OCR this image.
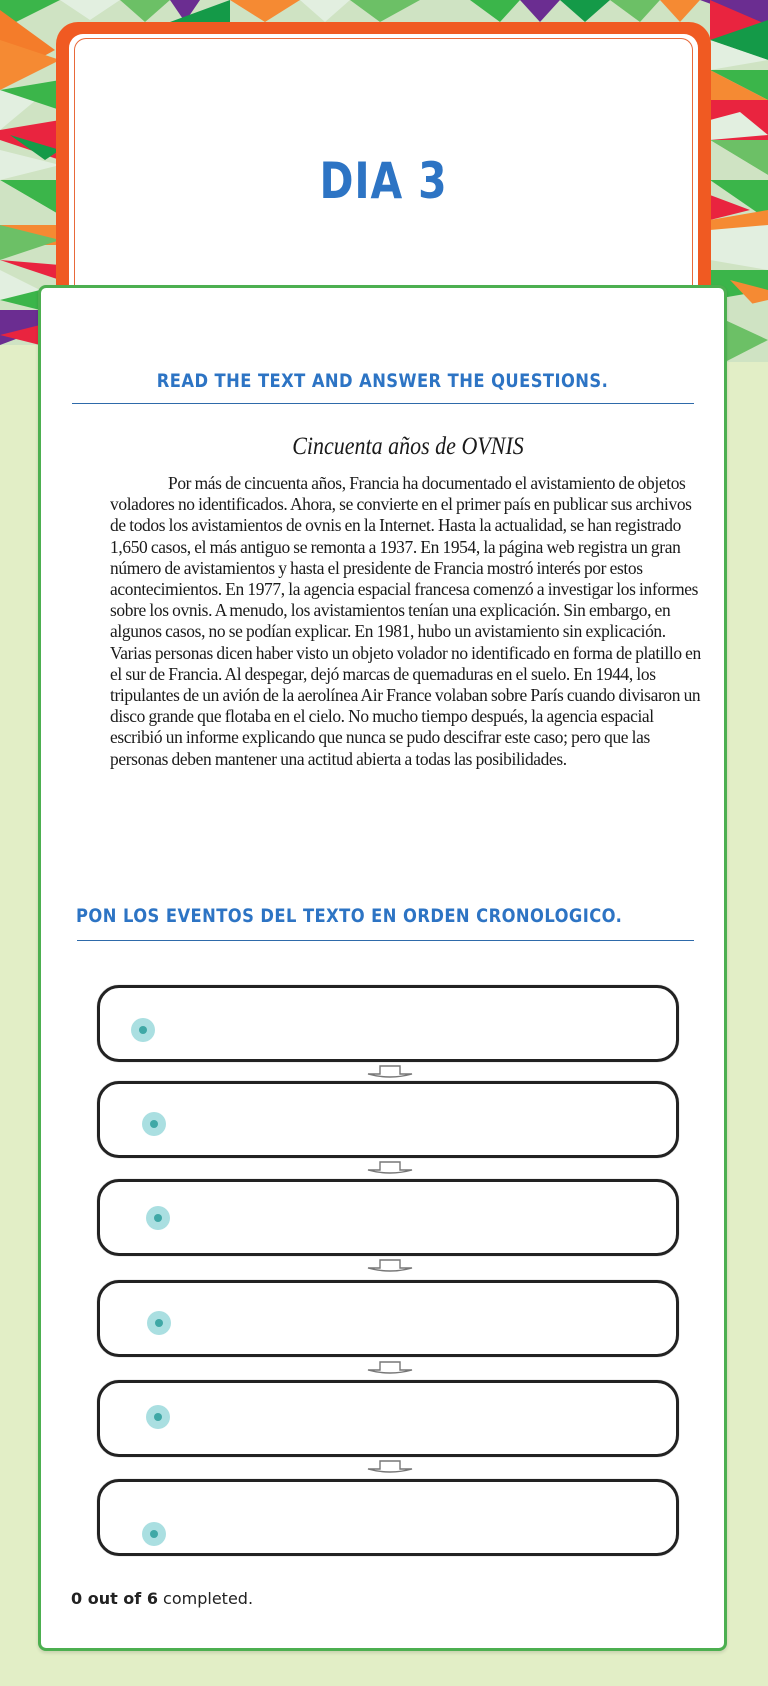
DIA 3
READ THE TEXT AND ANSWER THE QUESTIONS.

Cincuenta años de OVNIS

Por más de cincuenta años, Francia ha documentado el avistamiento de objetos voladores no identificados. Ahora, se convierte en el primer país en publicar sus archivos de todos los avistamientos de ovnis en la Internet. Hasta la actualidad, se han registrado 1,650 casos, el más antiguo se remonta a 1937. En 1954, la página web registra un gran número de avistamientos y hasta el presidente de Francia mostró interés por estos acontecimientos. En 1977, la agencia espacial francesa comenzó a investigar los informes sobre los ovnis. A menudo, los avistamientos tenían una explicación. Sin embargo, en algunos casos, no se podían explicar. En 1981, hubo un avistamiento sin explicación. Varias personas dicen haber visto un objeto volador no identificado en forma de platillo en el sur de Francia. Al despegar, dejó marcas de quemaduras en el suelo. En 1944, los tripulantes de un avión de la aerolínea Air France volaban sobre París cuando divisaron un disco grande que flotaba en el cielo. No mucho tiempo después, la agencia espacial escribió un informe explicando que nunca se pudo descifrar este caso; pero que las personas deben mantener una actitud abierta a todas las posibilidades.

PON LOS EVENTOS DEL TEXTO EN ORDEN CRONOLOGICO.
0 out of 6 completed.
